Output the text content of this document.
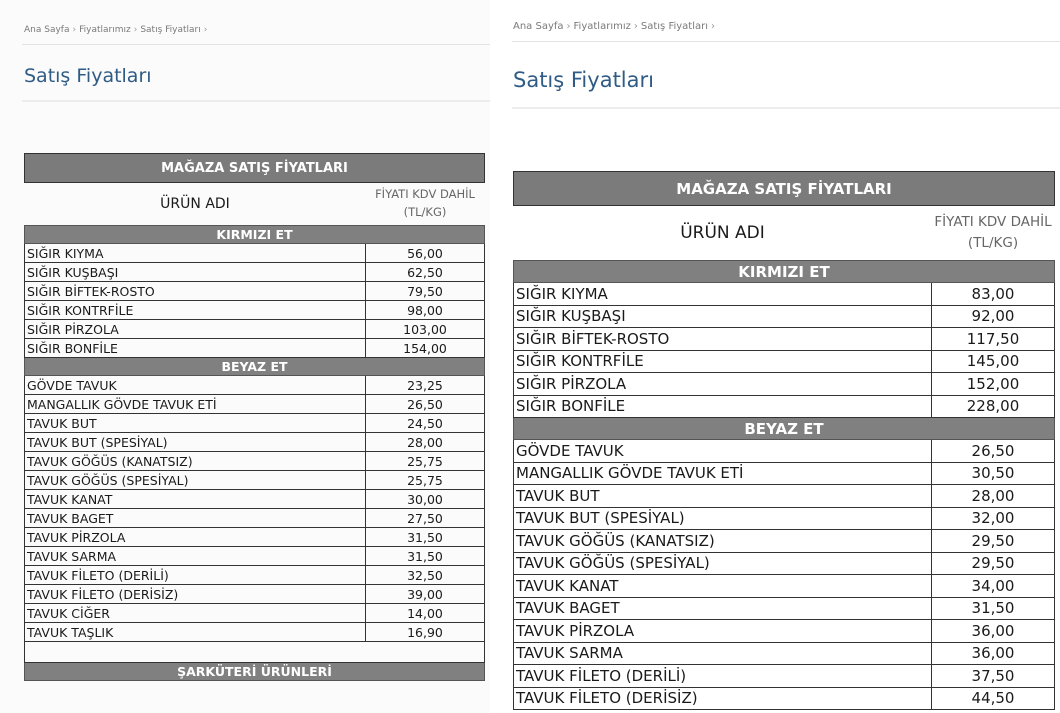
Ana Sayfa › Fiyatlarımız › Satış Fiyatları ›
Satış Fiyatları
MAĞAZA SATIŞ FİYATLARI	
ÜRÜN ADI	FİYATI KDV DAHİL
(TL/KG)
KIRMIZI ET	
SIĞIR KIYMA	56,00
SIĞIR KUŞBAŞI	62,50
SIĞIR BİFTEK-ROSTO	79,50
SIĞIR KONTRFİLE	98,00
SIĞIR PİRZOLA	103,00
SIĞIR BONFİLE	154,00
BEYAZ ET	
GÖVDE TAVUK	23,25
MANGALLIK GÖVDE TAVUK ETİ	26,50
TAVUK BUT	24,50
TAVUK BUT (SPESİYAL)	28,00
TAVUK GÖĞÜS (KANATSIZ)	25,75
TAVUK GÖĞÜS (SPESİYAL)	25,75
TAVUK KANAT	30,00
TAVUK BAGET	27,50
TAVUK PİRZOLA	31,50
TAVUK SARMA	31,50
TAVUK FİLETO (DERİLİ)	32,50
TAVUK FİLETO (DERİSİZ)	39,00
TAVUK CİĞER	14,00
TAVUK TAŞLIK	16,90

ŞARKÜTERİ ÜRÜNLERİ	
Ana Sayfa › Fiyatlarımız › Satış Fiyatları ›
Satış Fiyatları
MAĞAZA SATIŞ FİYATLARI	
ÜRÜN ADI	FİYATI KDV DAHİL
(TL/KG)
KIRMIZI ET	
SIĞIR KIYMA	83,00
SIĞIR KUŞBAŞI	92,00
SIĞIR BİFTEK-ROSTO	117,50
SIĞIR KONTRFİLE	145,00
SIĞIR PİRZOLA	152,00
SIĞIR BONFİLE	228,00
BEYAZ ET	
GÖVDE TAVUK	26,50
MANGALLIK GÖVDE TAVUK ETİ	30,50
TAVUK BUT	28,00
TAVUK BUT (SPESİYAL)	32,00
TAVUK GÖĞÜS (KANATSIZ)	29,50
TAVUK GÖĞÜS (SPESİYAL)	29,50
TAVUK KANAT	34,00
TAVUK BAGET	31,50
TAVUK PİRZOLA	36,00
TAVUK SARMA	36,00
TAVUK FİLETO (DERİLİ)	37,50
TAVUK FİLETO (DERİSİZ)	44,50
